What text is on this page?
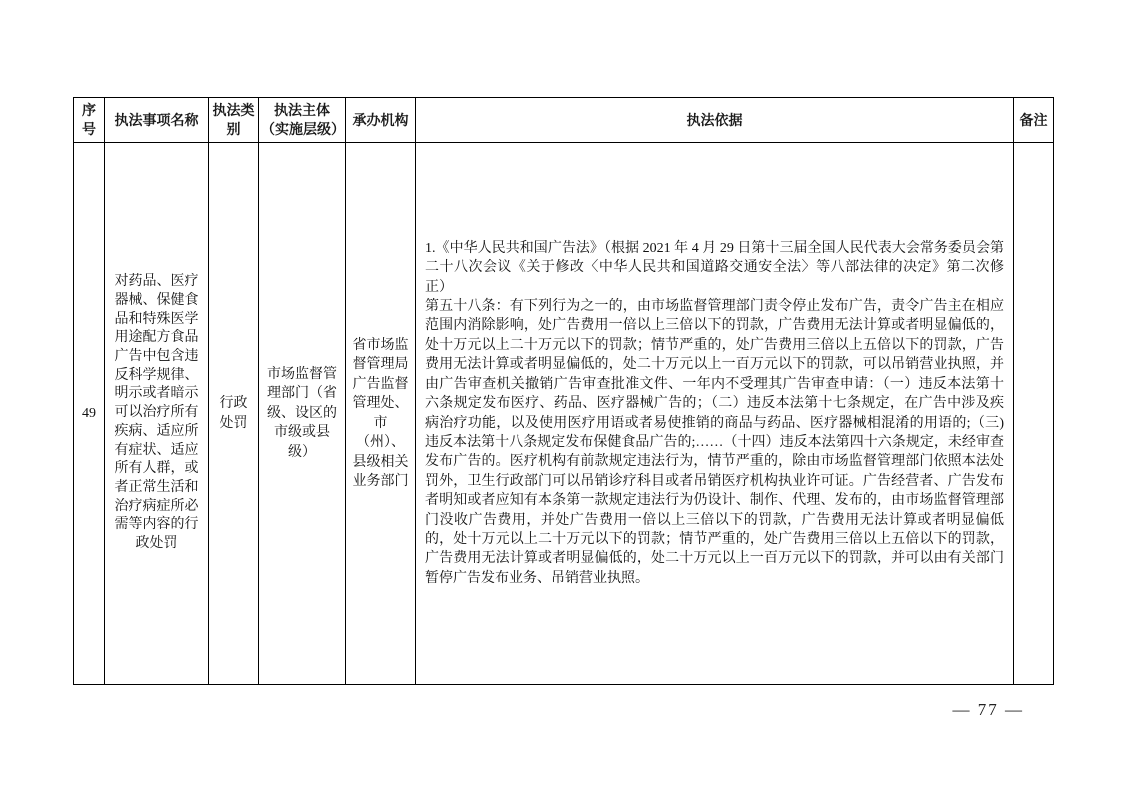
序号	执法事项名称	执法类别	执法主体（实施层级）	承办机构	执法依据	备注
49	对药品、医疗器械、保健食品和特殊医学用途配方食品广告中包含违反科学规律、明示或者暗示可以治疗所有疾病、适应所有症状、适应所有人群，或者正常生活和治疗病症所必需等内容的行政处罚	行政处罚	市场监督管理部门（省级、设区的市级或县级）	省市场监督管理局广告监督管理处、市（州）、县级相关业务部门	1.《中华人民共和国广告法》（根据 2021 年 4 月 29 日第十三届全国人民代表大会常务委员会第二十八次会议《关于修改〈中华人民共和国道路交通安全法〉等八部法律的决定》第二次修正）

第五十八条：有下列行为之一的，由市场监督管理部门责令停止发布广告，责令广告主在相应范围内消除影响，处广告费用一倍以上三倍以下的罚款，广告费用无法计算或者明显偏低的，处十万元以上二十万元以下的罚款；情节严重的，处广告费用三倍以上五倍以下的罚款，广告费用无法计算或者明显偏低的，处二十万元以上一百万元以下的罚款，可以吊销营业执照，并由广告审查机关撤销广告审查批准文件、一年内不受理其广告审查申请：（一）违反本法第十六条规定发布医疗、药品、医疗器械广告的；（二）违反本法第十七条规定，在广告中涉及疾病治疗功能，以及使用医疗用语或者易使推销的商品与药品、医疗器械相混淆的用语的;（三)违反本法第十八条规定发布保健食品广告的;……（十四）违反本法第四十六条规定，未经审查发布广告的。医疗机构有前款规定违法行为，情节严重的，除由市场监督管理部门依照本法处罚外，卫生行政部门可以吊销诊疗科目或者吊销医疗机构执业许可证。广告经营者、广告发布者明知或者应知有本条第一款规定违法行为仍设计、制作、代理、发布的，由市场监督管理部门没收广告费用，并处广告费用一倍以上三倍以下的罚款，广告费用无法计算或者明显偏低的，处十万元以上二十万元以下的罚款；情节严重的，处广告费用三倍以上五倍以下的罚款，广告费用无法计算或者明显偏低的，处二十万元以上一百万元以下的罚款，并可以由有关部门暂停广告发布业务、吊销营业执照。	

— 77 —
